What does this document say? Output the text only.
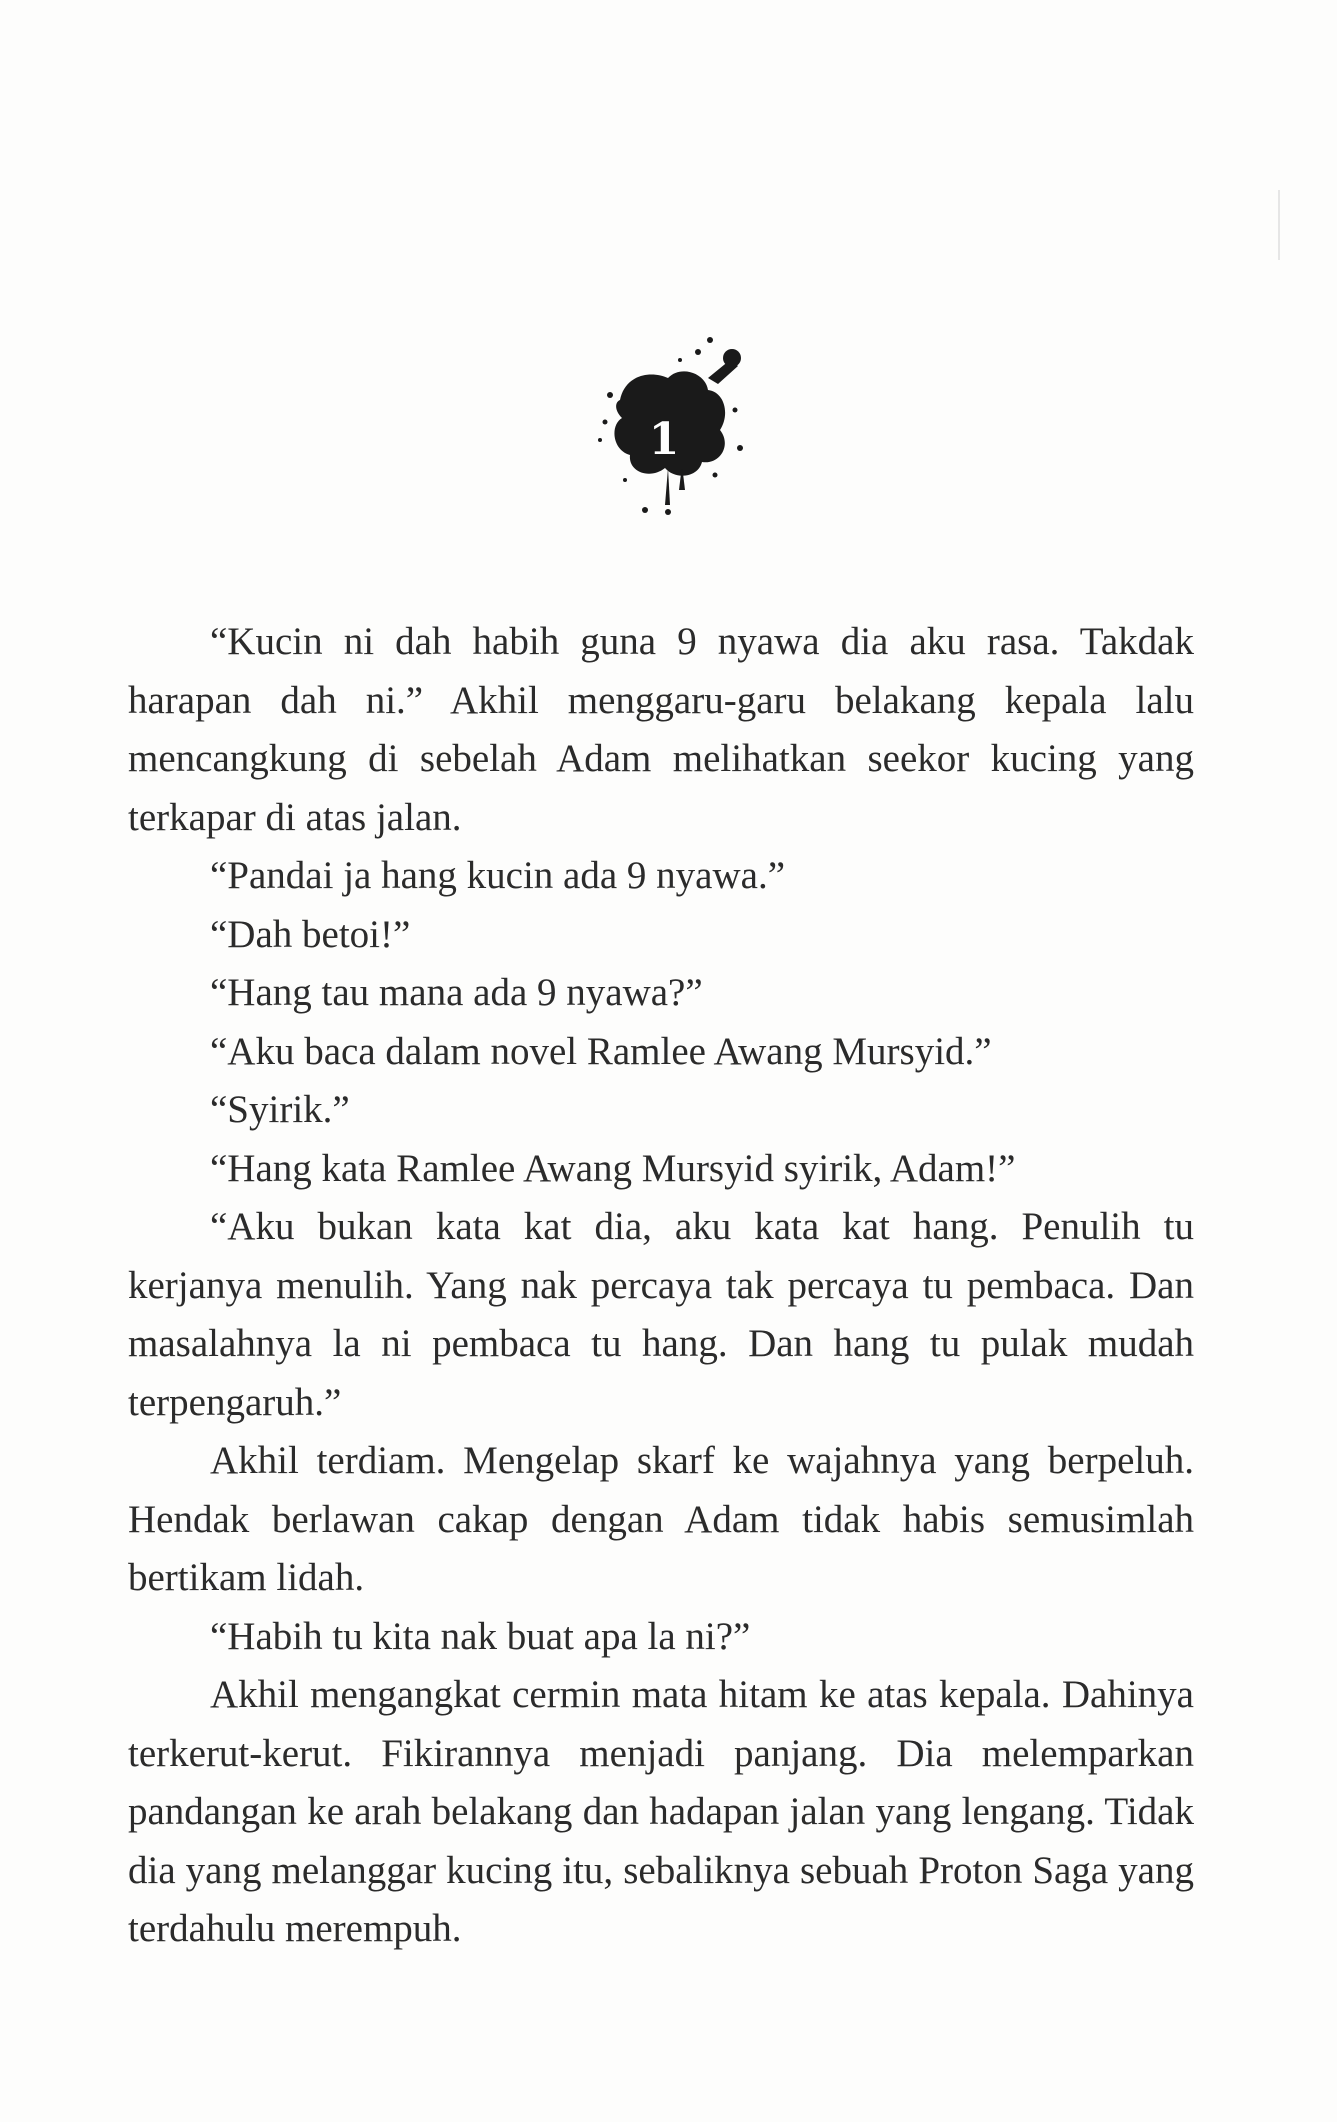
1

“Kucin ni dah habih guna 9 nyawa dia aku rasa. Takdak harapan dah ni.” Akhil menggaru-garu belakang kepala lalu mencangkung di sebelah Adam melihatkan seekor kucing yang terkapar di atas jalan.

“Pandai ja hang kucin ada 9 nyawa.”

“Dah betoi!”

“Hang tau mana ada 9 nyawa?”

“Aku baca dalam novel Ramlee Awang Mursyid.”

“Syirik.”

“Hang kata Ramlee Awang Mursyid syirik, Adam!”

“Aku bukan kata kat dia, aku kata kat hang. Penulih tu kerjanya menulih. Yang nak percaya tak percaya tu pembaca. Dan masalahnya la ni pembaca tu hang. Dan hang tu pulak mudah terpengaruh.”

Akhil terdiam. Mengelap skarf ke wajahnya yang berpeluh. Hendak berlawan cakap dengan Adam tidak habis semusimlah bertikam lidah.

“Habih tu kita nak buat apa la ni?”

Akhil mengangkat cermin mata hitam ke atas kepala. Dahinya terkerut-kerut. Fikirannya menjadi panjang. Dia melemparkan pandangan ke arah belakang dan hadapan jalan yang lengang. Tidak dia yang melanggar kucing itu, sebaliknya sebuah Proton Saga yang terdahulu merempuh.
